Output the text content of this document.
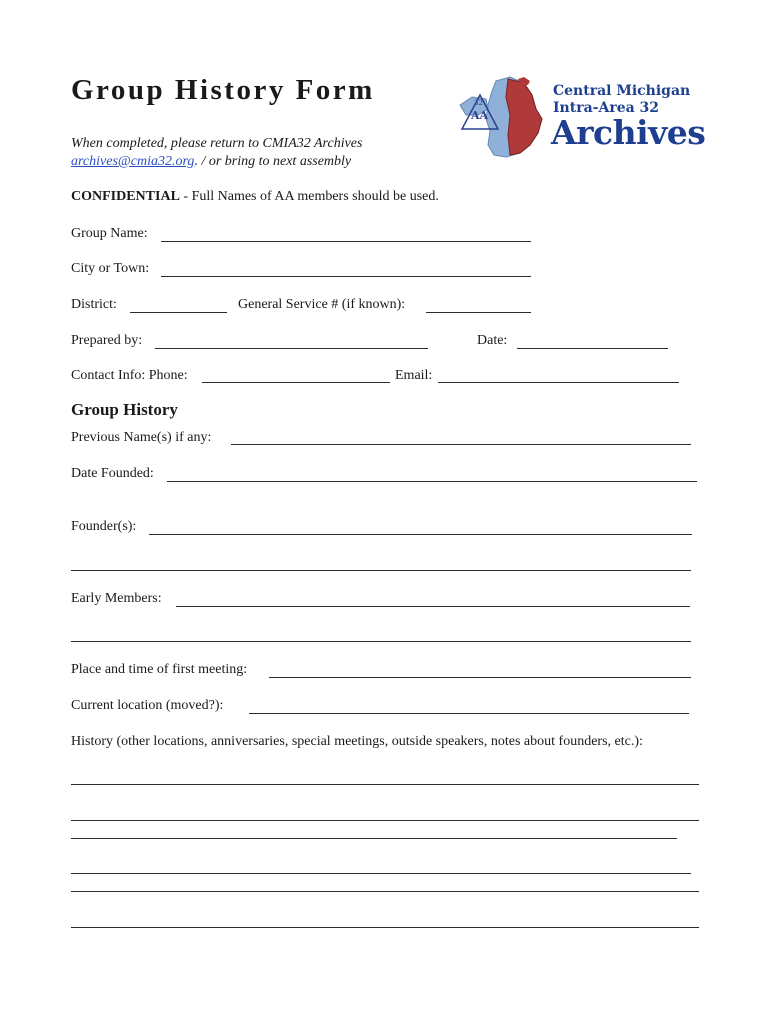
Group History Form
When completed, please return to CMIA32 Archives
archives@cmia32.org. / or bring to next assembly
AA
32
Central Michigan
Intra-Area 32
Archives
CONFIDENTIAL - Full Names of AA members should be used.
Group Name:
City or Town:
District:	General Service # (if known):
Prepared by:	Date:
Contact Info: Phone:	Email:
Group History
Previous Name(s) if any:
Date Founded:
Founder(s):
Early Members:
Place and time of first meeting:
Current location (moved?):
History (other locations, anniversaries, special meetings, outside speakers, notes about founders, etc.):
